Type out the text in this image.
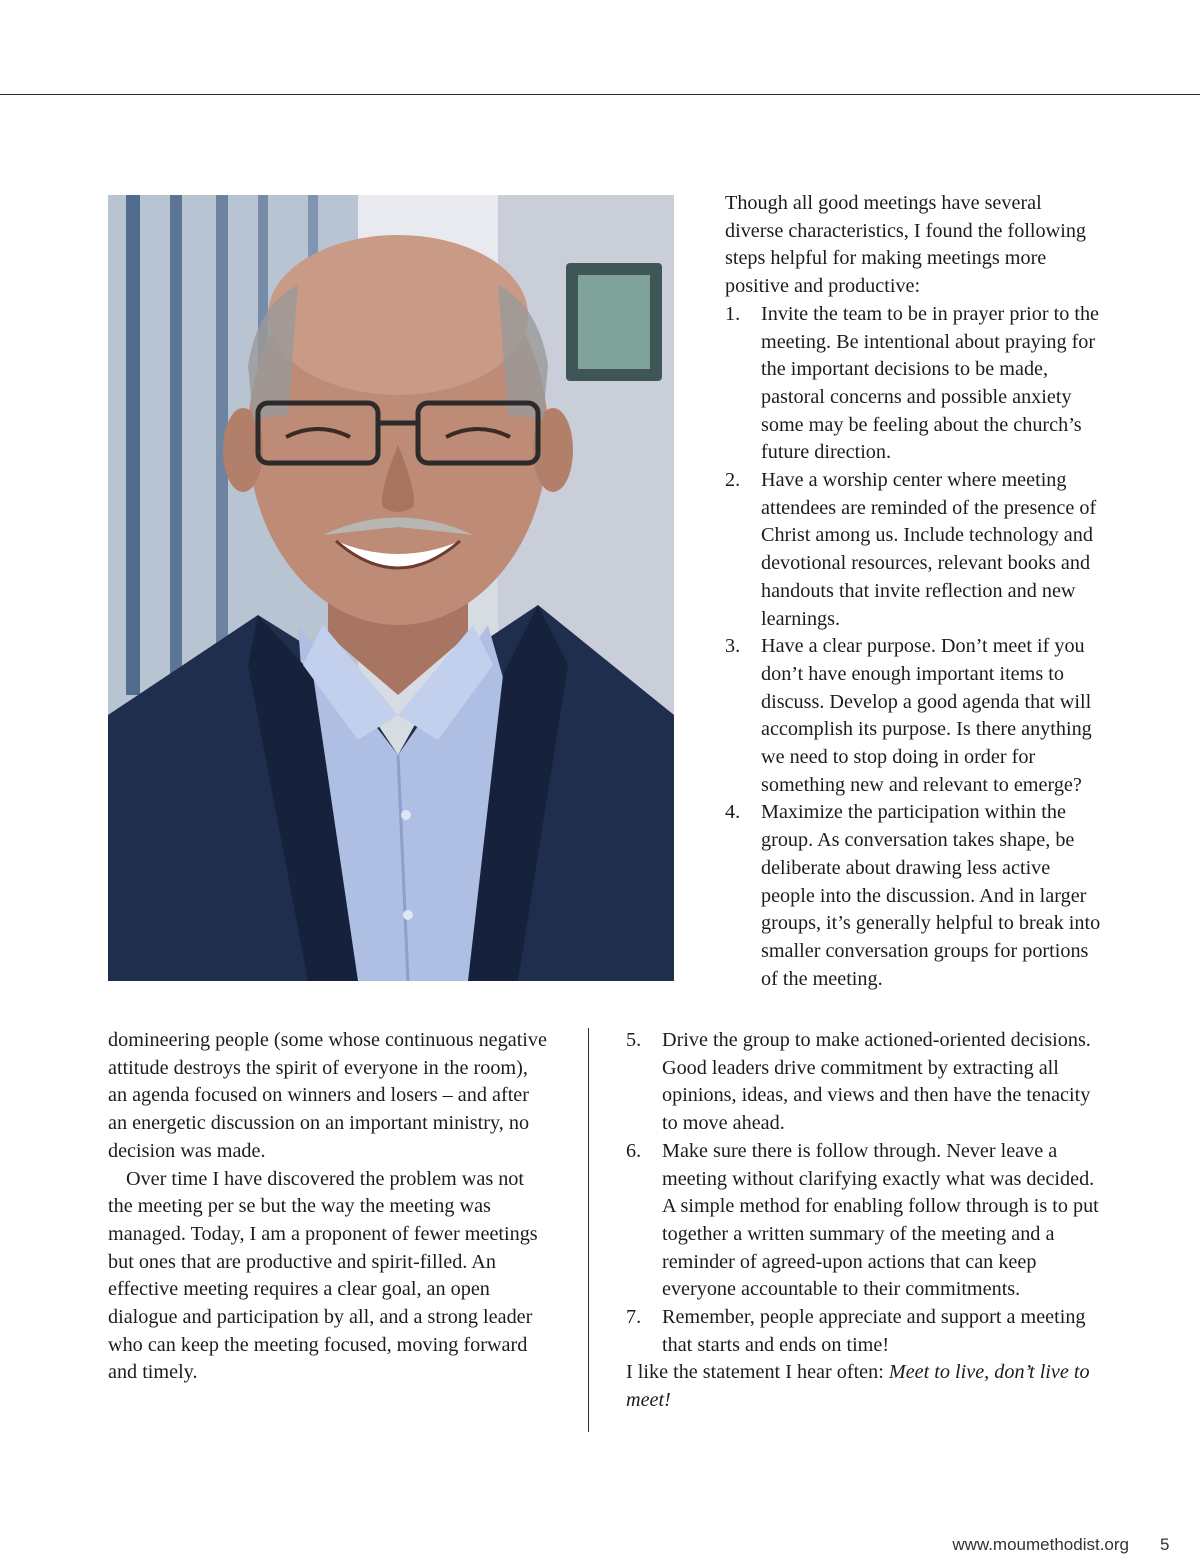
Though all good meetings have several diverse characteristics, I found the following steps helpful for making meetings more positive and productive:

1. Invite the team to be in prayer prior to the meeting. Be intentional about praying for the important decisions to be made, pastoral concerns and possible anxiety some may be feeling about the church’s future direction.
2. Have a worship center where meeting attendees are reminded of the presence of Christ among us. Include technology and devotional resources, relevant books and handouts that invite reflection and new learnings.
3. Have a clear purpose. Don’t meet if you don’t have enough important items to discuss. Develop a good agenda that will accomplish its purpose. Is there anything we need to stop doing in order for something new and relevant to emerge?
4. Maximize the participation within the group. As conversation takes shape, be deliberate about drawing less active people into the discussion. And in larger groups, it’s generally helpful to break into smaller conversation groups for portions of the meeting.

domineering people (some whose continuous negative attitude destroys the spirit of everyone in the room), an agenda focused on winners and losers – and after an energetic discussion on an important ministry, no decision was made.

Over time I have discovered the problem was not the meeting per se but the way the meeting was managed. Today, I am a proponent of fewer meetings but ones that are productive and spirit-filled. An effective meeting requires a clear goal, an open dialogue and participation by all, and a strong leader who can keep the meeting focused, moving forward and timely.

5. Drive the group to make actioned-oriented decisions. Good leaders drive commitment by extracting all opinions, ideas, and views and then have the tenacity to move ahead.
6. Make sure there is follow through. Never leave a meeting without clarifying exactly what was decided. A simple method for enabling follow through is to put together a written summary of the meeting and a reminder of agreed-upon actions that can keep everyone accountable to their commitments.
7. Remember, people appreciate and support a meeting that starts and ends on time!

I like the statement I hear often: Meet to live, don’t live to meet!

www.moumethodist.org 5
